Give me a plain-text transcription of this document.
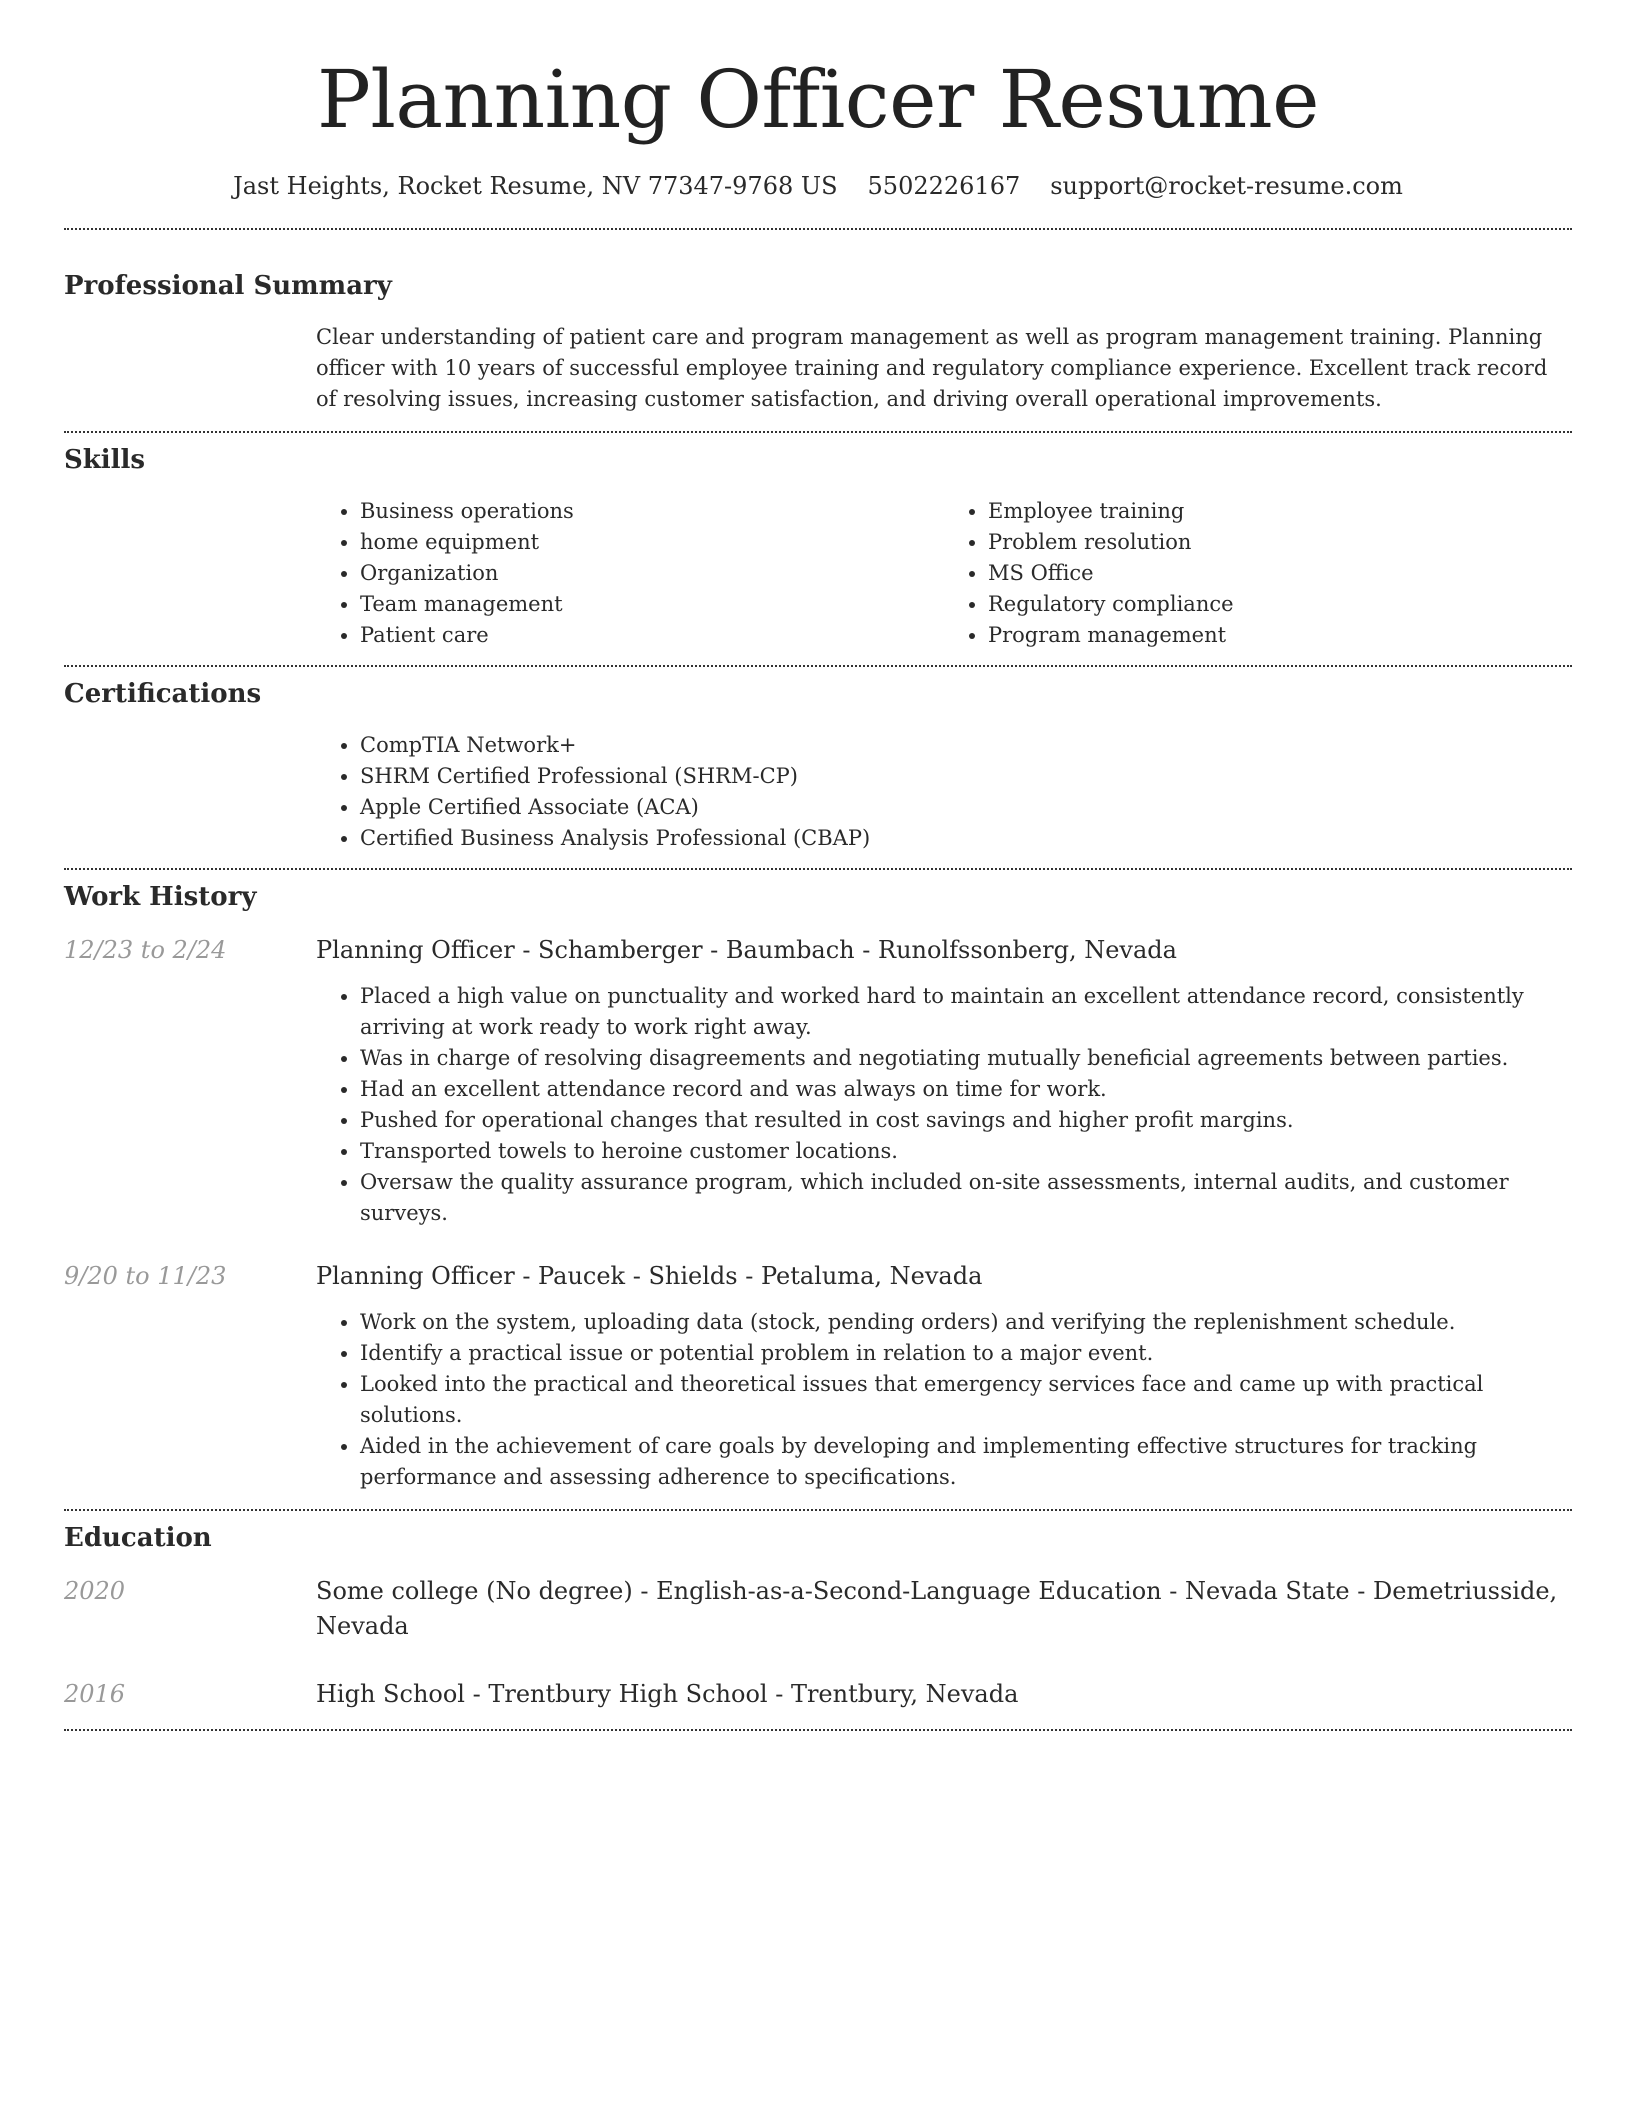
Planning Officer Resume
Jast Heights, Rocket Resume, NV 77347-9768 US 5502226167 support@rocket-resume.com
Professional Summary

Clear understanding of patient care and program management as well as program management training. Planning officer with 10 years of successful employee training and regulatory compliance experience. Excellent track record of resolving issues, increasing customer satisfaction, and driving overall operational improvements.

Skills
• Business operations
• home equipment
• Organization
• Team management
• Patient care
• Employee training
• Problem resolution
• MS Office
• Regulatory compliance
• Program management
Certifications
• CompTIA Network+
• SHRM Certified Professional (SHRM-CP)
• Apple Certified Associate (ACA)
• Certified Business Analysis Professional (CBAP)
Work History
12/23 to 2/24	Planning Officer - Schamberger - Baumbach - Runolfssonberg, Nevada
• Placed a high value on punctuality and worked hard to maintain an excellent attendance record, consistently arriving at work ready to work right away.
• Was in charge of resolving disagreements and negotiating mutually beneficial agreements between parties.
• Had an excellent attendance record and was always on time for work.
• Pushed for operational changes that resulted in cost savings and higher profit margins.
• Transported towels to heroine customer locations.
• Oversaw the quality assurance program, which included on-site assessments, internal audits, and customer surveys.
9/20 to 11/23	Planning Officer - Paucek - Shields - Petaluma, Nevada
• Work on the system, uploading data (stock, pending orders) and verifying the replenishment schedule.
• Identify a practical issue or potential problem in relation to a major event.
• Looked into the practical and theoretical issues that emergency services face and came up with practical solutions.
• Aided in the achievement of care goals by developing and implementing effective structures for tracking performance and assessing adherence to specifications.
Education
2020	Some college (No degree) - English-as-a-Second-Language Education - Nevada State - Demetriusside, Nevada
2016	High School - Trentbury High School - Trentbury, Nevada
